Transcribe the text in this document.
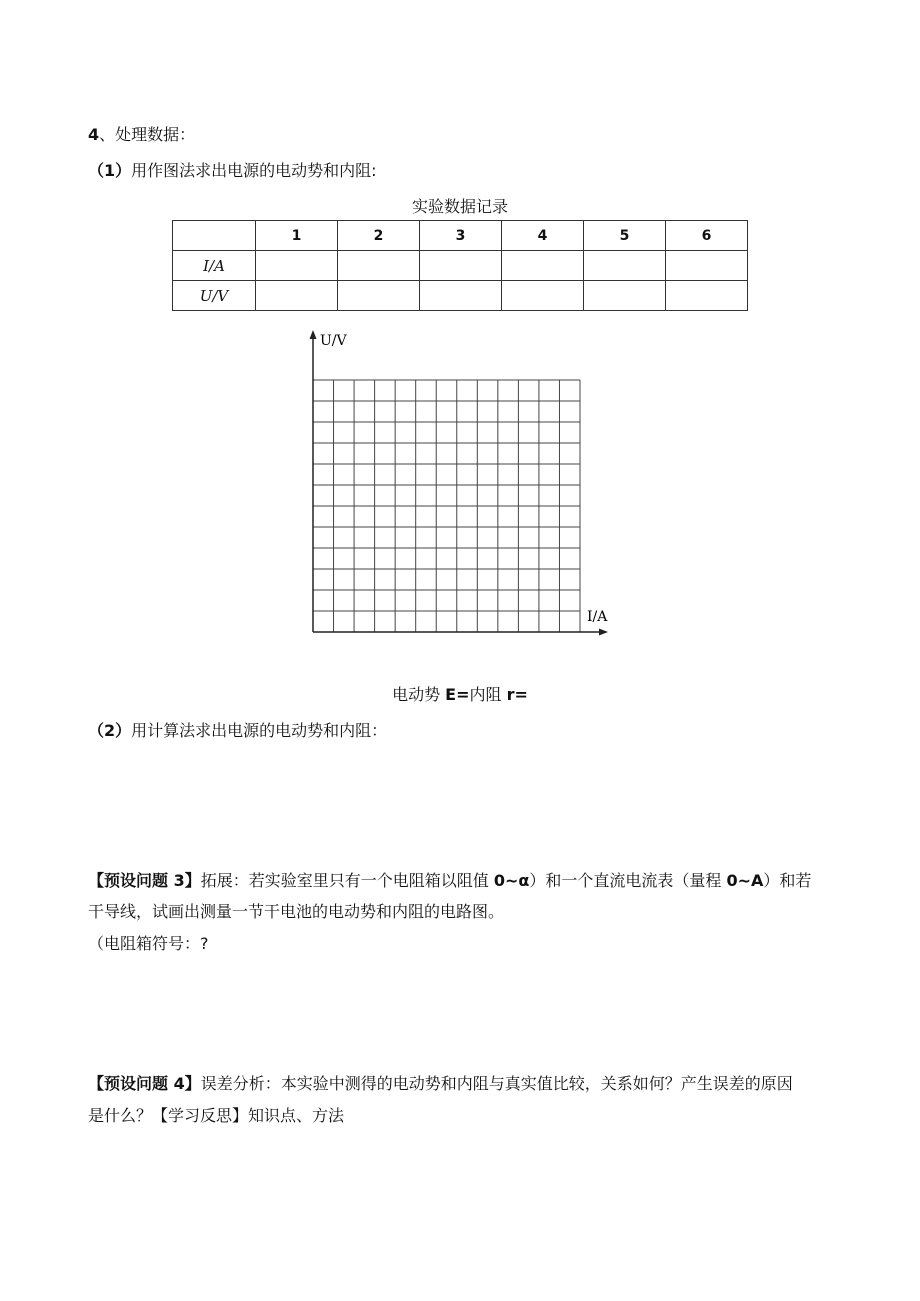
4、处理数据：

（1）用作图法求出电源的电动势和内阻:

实验数据记录

	1	2	3	4	5	6
I/A						
U/V						
U/V
I/A

电动势 E=内阻 r=

（2）用计算法求出电源的电动势和内阻：

【预设问题 3】拓展：若实验室里只有一个电阻箱以阻值 0~α）和一个直流电流表（量程 0~A）和若

干导线，试画出测量一节干电池的电动势和内阻的电路图。

（电阻箱符号：?

【预设问题 4】误差分析：本实验中测得的电动势和内阻与真实值比较，关系如何？产生误差的原因

是什么？【学习反思】知识点、方法
